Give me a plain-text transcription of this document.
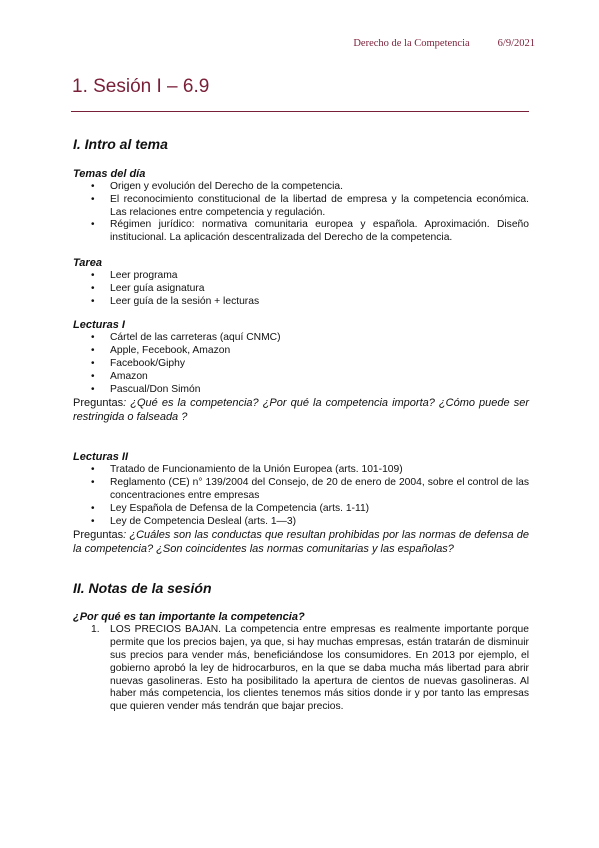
Derecho de la Competencia	6/9/2021
1. Sesión I – 6.9
I. Intro al tema
Temas del día
• Origen y evolución del Derecho de la competencia.
• El reconocimiento constitucional de la libertad de empresa y la competencia económica. Las relaciones entre competencia y regulación.
• Régimen jurídico: normativa comunitaria europea y española. Aproximación. Diseño institucional. La aplicación descentralizada del Derecho de la competencia.
Tarea
• Leer programa
• Leer guía asignatura
• Leer guía de la sesión + lecturas
Lecturas I
• Cártel de las carreteras (aquí CNMC)
• Apple, Fecebook, Amazon
• Facebook/Giphy
• Amazon
• Pascual/Don Simón

Preguntas: ¿Qué es la competencia? ¿Por qué la competencia importa? ¿Cómo puede ser restringida o falseada ?

Lecturas II
• Tratado de Funcionamiento de la Unión Europea (arts. 101-109)
• Reglamento (CE) n° 139/2004 del Consejo, de 20 de enero de 2004, sobre el control de las concentraciones entre empresas
• Ley Española de Defensa de la Competencia (arts. 1-11)
• Ley de Competencia Desleal (arts. 1—3)

Preguntas: ¿Cuáles son las conductas que resultan prohibidas por las normas de defensa de la competencia? ¿Son coincidentes las normas comunitarias y las españolas?

II. Notas de la sesión
¿Por qué es tan importante la competencia?
1. LOS PRECIOS BAJAN. La competencia entre empresas es realmente importante porque permite que los precios bajen, ya que, si hay muchas empresas, están tratarán de disminuir sus precios para vender más, beneficiándose los consumidores. En 2013 por ejemplo, el gobierno aprobó la ley de hidrocarburos, en la que se daba mucha más libertad para abrir nuevas gasolineras. Esto ha posibilitado la apertura de cientos de nuevas gasolineras. Al haber más competencia, los clientes tenemos más sitios donde ir y por tanto las empresas que quieren vender más tendrán que bajar precios.
